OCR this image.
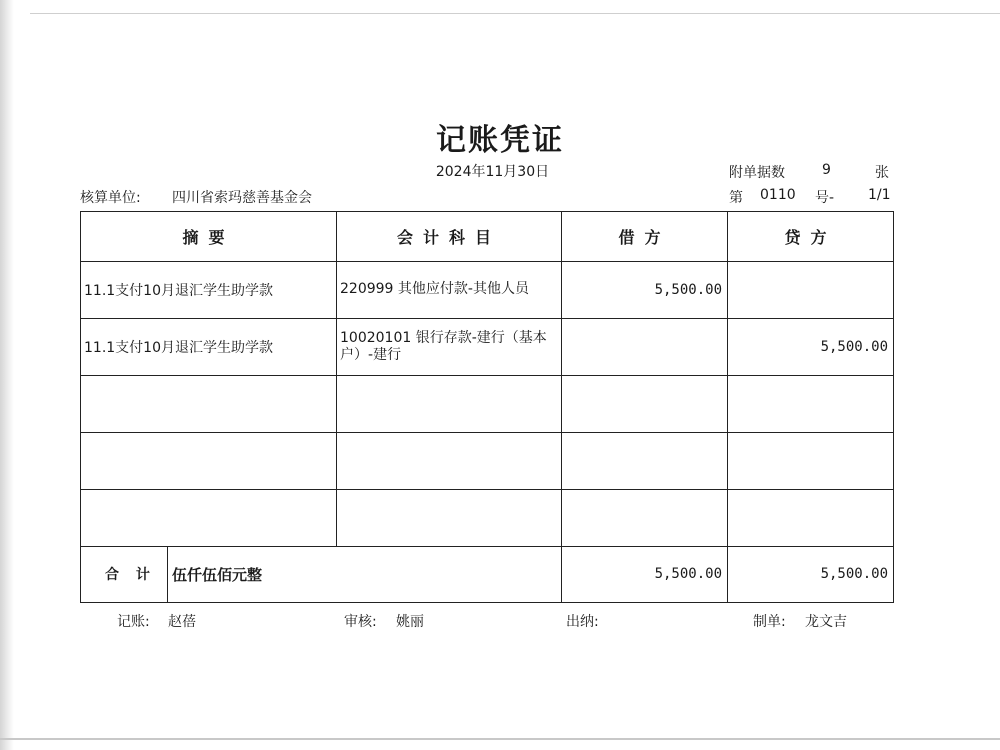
记账凭证
2024年11月30日	附单据数	9	张
核算单位: 四川省索玛慈善基金会	第 0110 号- 1/1
摘要		会计科目	借方	贷方
11.1支付10月退汇学生助学款		220999 其他应付款-其他人员	5,500.00	
11.1支付10月退汇学生助学款		10020101 银行存款-建行（基本户）-建行		5,500.00

合 计	伍仟伍佰元整		5,500.00	5,500.00
记账: 赵蓓	审核: 姚丽	出纳:	制单: 龙文吉
